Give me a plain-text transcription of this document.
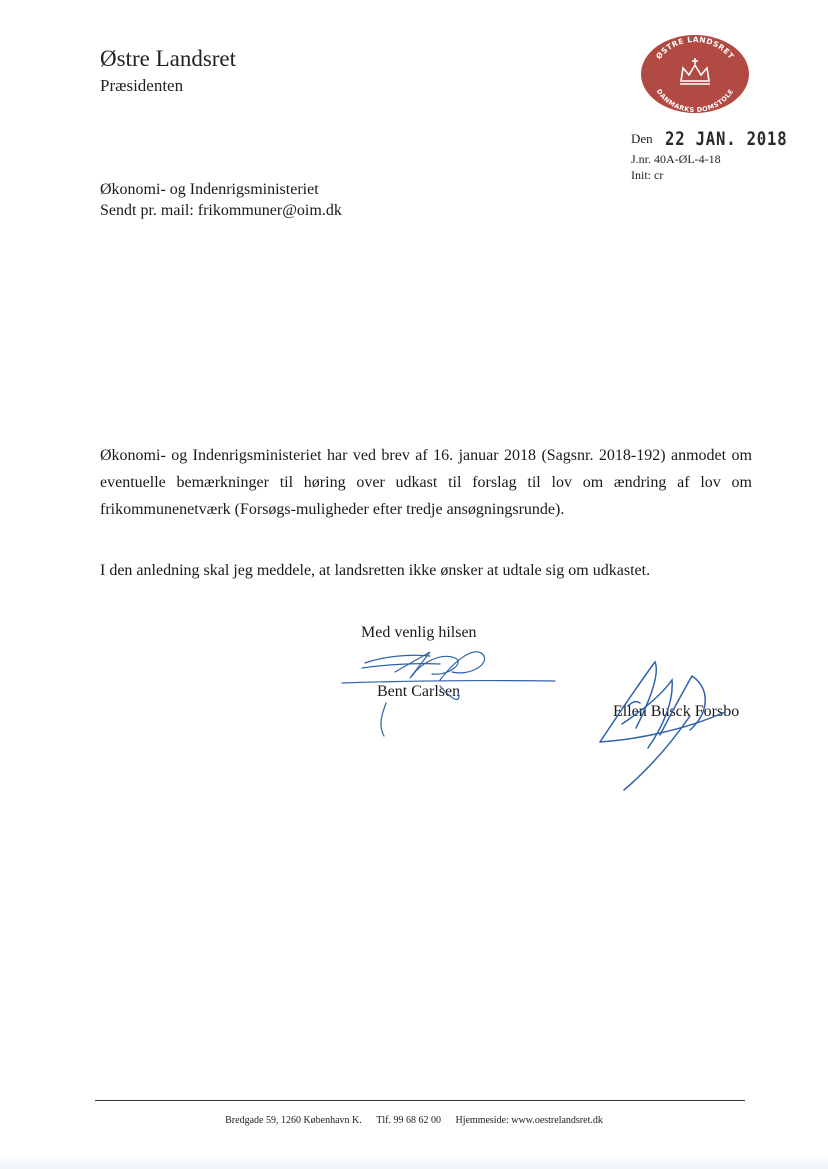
Østre Landsret
Præsidenten
ØSTRE LANDSRET
DANMARKS DOMSTOLE
Den 22 JAN. 2018
J.nr. 40A-ØL-4-18
Init: cr
Økonomi- og Indenrigsministeriet
Sendt pr. mail: frikommuner@oim.dk
Økonomi- og Indenrigsministeriet har ved brev af 16. januar 2018 (Sagsnr. 2018-192) anmodet om eventuelle bemærkninger til høring over udkast til forslag til lov om ændring af lov om frikommunenetværk (Forsøgs-muligheder efter tredje ansøgningsrunde).
I den anledning skal jeg meddele, at landsretten ikke ønsker at udtale sig om udkastet.
Med venlig hilsen
Bent Carlsen
Ellen Busck Forsbo
Bredgade 59, 1260 København K. Tlf. 99 68 62 00 Hjemmeside: www.oestrelandsret.dk
